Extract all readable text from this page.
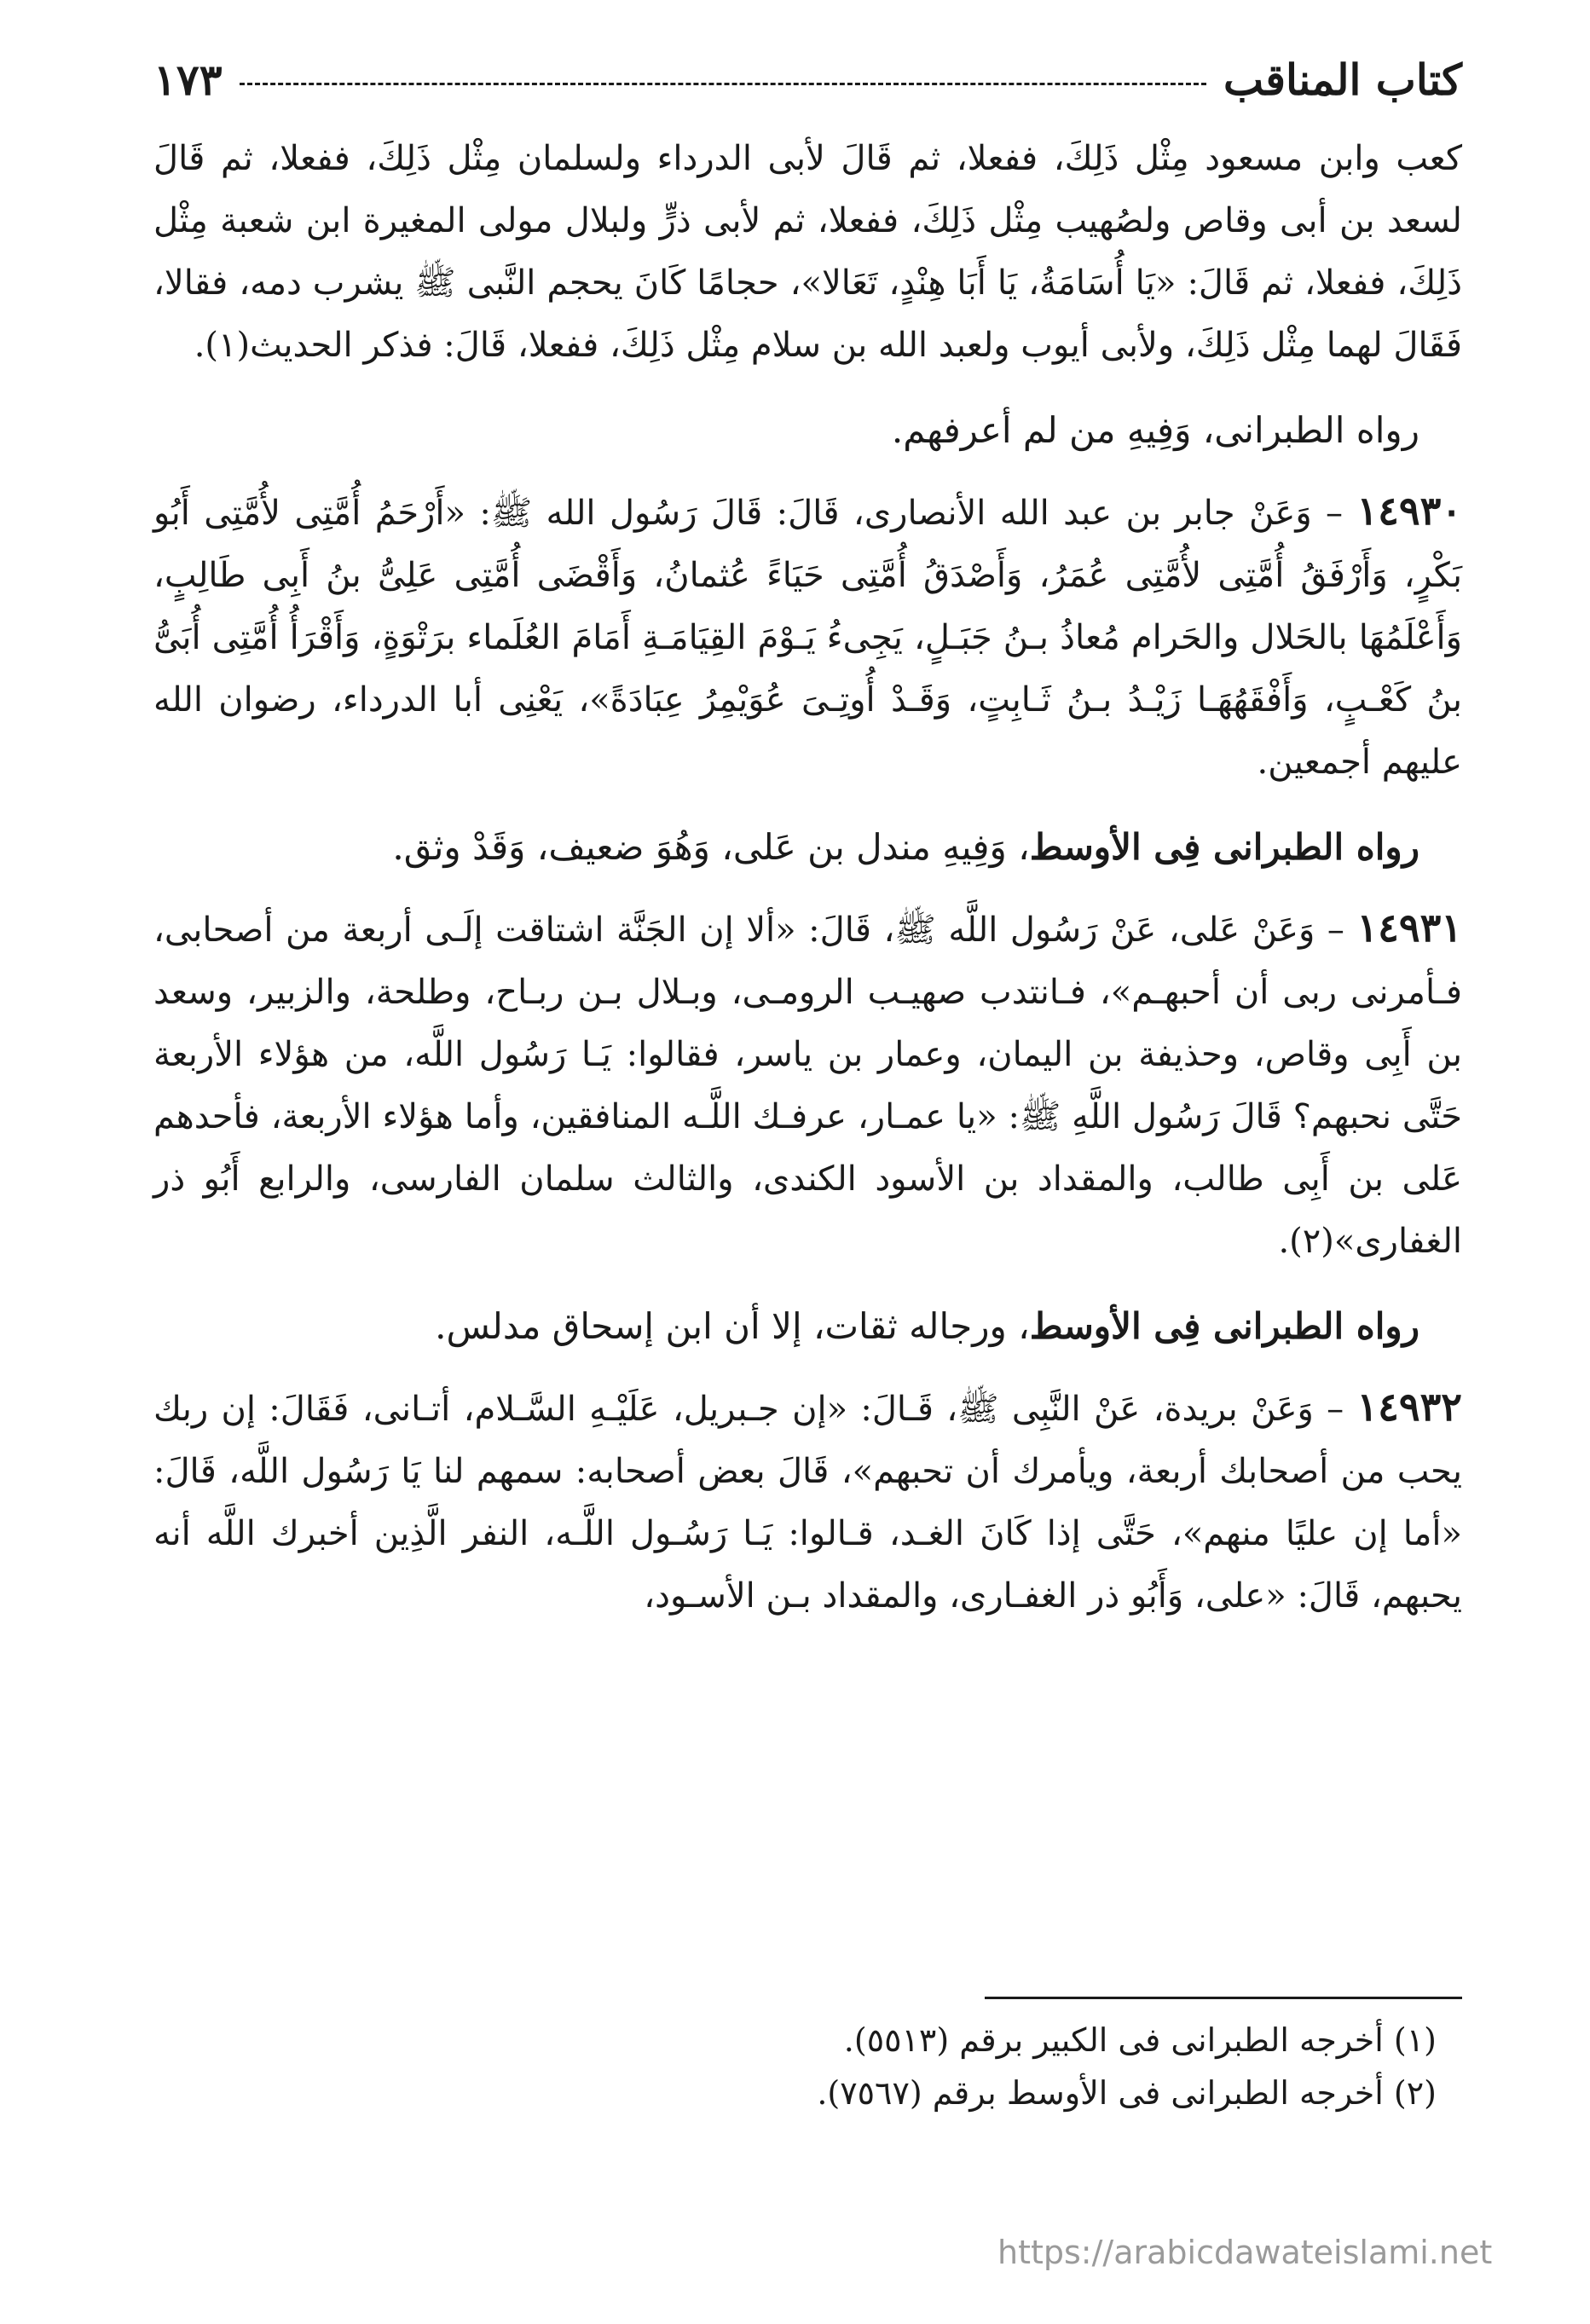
كتاب المناقب
١٧٣

كعب وابن مسعود مِثْل ذَلِكَ، ففعلا، ثم قَالَ لأبى الدرداء ولسلمان مِثْل ذَلِكَ، ففعلا، ثم قَالَ لسعد بن أبى وقاص ولصُهيب مِثْل ذَلِكَ، ففعلا، ثم لأبى ذرٍّ ولبلال مولى المغيرة ابن شعبة مِثْل ذَلِكَ، ففعلا، ثم قَالَ: «يَا أُسَامَةُ، يَا أَبَا هِنْدٍ، تَعَالا»، حجامًا كَانَ يحجم النَّبى ﷺ يشرب دمه، فقالا، فَقَالَ لهما مِثْل ذَلِكَ، ولأبى أيوب ولعبد الله بن سلام مِثْل ذَلِكَ، ففعلا، قَالَ: فذكر الحديث(١).

رواه الطبرانى، وَفِيهِ من لم أعرفهم.

١٤٩٣٠ – وَعَنْ جابر بن عبد الله الأنصارى، قَالَ: قَالَ رَسُول الله ﷺ: «أَرْحَمُ أُمَّتِى لأُمَّتِى أَبُو بَكْرٍ، وَأَرْفَقُ أُمَّتِى لأُمَّتِى عُمَرُ، وَأَصْدَقُ أُمَّتِى حَيَاءً عُثمانُ، وَأَقْضَى أُمَّتِى عَلِىُّ بنُ أَبِى طَالِبٍ، وَأَعْلَمُهَا بالحَلال والحَرام مُعاذُ بـنُ جَبَـلٍ، يَجِىءُ يَـوْمَ القِيَامَـةِ أَمَامَ العُلَماء برَتْوَةٍ، وَأَقْرَأُ أُمَّتِى أُبَىُّ بنُ كَعْـبٍ، وَأَفْقَهُهَـا زَيْـدُ بـنُ ثَـابِتٍ، وَقَـدْ أُوتِـىَ عُوَيْمِرُ عِبَادَةً»، يَعْنِى أبا الدرداء، رضوان الله عليهم أجمعين.

رواه الطبرانى فِى الأوسط، وَفِيهِ مندل بن عَلى، وَهُوَ ضعيف، وَقَدْ وثق.

١٤٩٣١ – وَعَنْ عَلى، عَنْ رَسُول اللَّه ﷺ، قَالَ: «ألا إن الجَنَّة اشتاقت إلَـى أربعة من أصحابى، فـأمرنى ربى أن أحبهـم»، فـانتدب صهيـب الرومـى، وبـلال بـن ربـاح، وطلحة، والزبير، وسعد بن أَبِى وقاص، وحذيفة بن اليمان، وعمار بن ياسر، فقالوا: يَـا رَسُول اللَّه، من هؤلاء الأربعة حَتَّى نحبهم؟ قَالَ رَسُول اللَّهِ ﷺ: «يا عمـار، عرفـك اللَّـه المنافقين، وأما هؤلاء الأربعة، فأحدهم عَلى بن أَبِى طالب، والمقداد بن الأسود الكندى، والثالث سلمان الفارسى، والرابع أَبُو ذر الغفارى»(٢).

رواه الطبرانى فِى الأوسط، ورجاله ثقات، إلا أن ابن إسحاق مدلس.

١٤٩٣٢ – وَعَنْ بريدة، عَنْ النَّبِى ﷺ، قَـالَ: «إن جـبريل، عَلَيْـهِ السَّـلام، أتـانى، فَقَالَ: إن ربك يحب من أصحابك أربعة، ويأمرك أن تحبهم»، قَالَ بعض أصحابه: سمهم لنا يَا رَسُول اللَّه، قَالَ: «أما إن عليًا منهم»، حَتَّى إذا كَانَ الغـد، قـالوا: يَـا رَسُـول اللَّـه، النفر الَّذِين أخبرك اللَّه أنه يحبهم، قَالَ: «على، وَأَبُو ذر الغفـارى، والمقداد بـن الأسـود،

(١) أخرجه الطبرانى فى الكبير برقم (٥٥١٣).

(٢) أخرجه الطبرانى فى الأوسط برقم (٧٥٦٧).

https://arabicdawateislami.net
